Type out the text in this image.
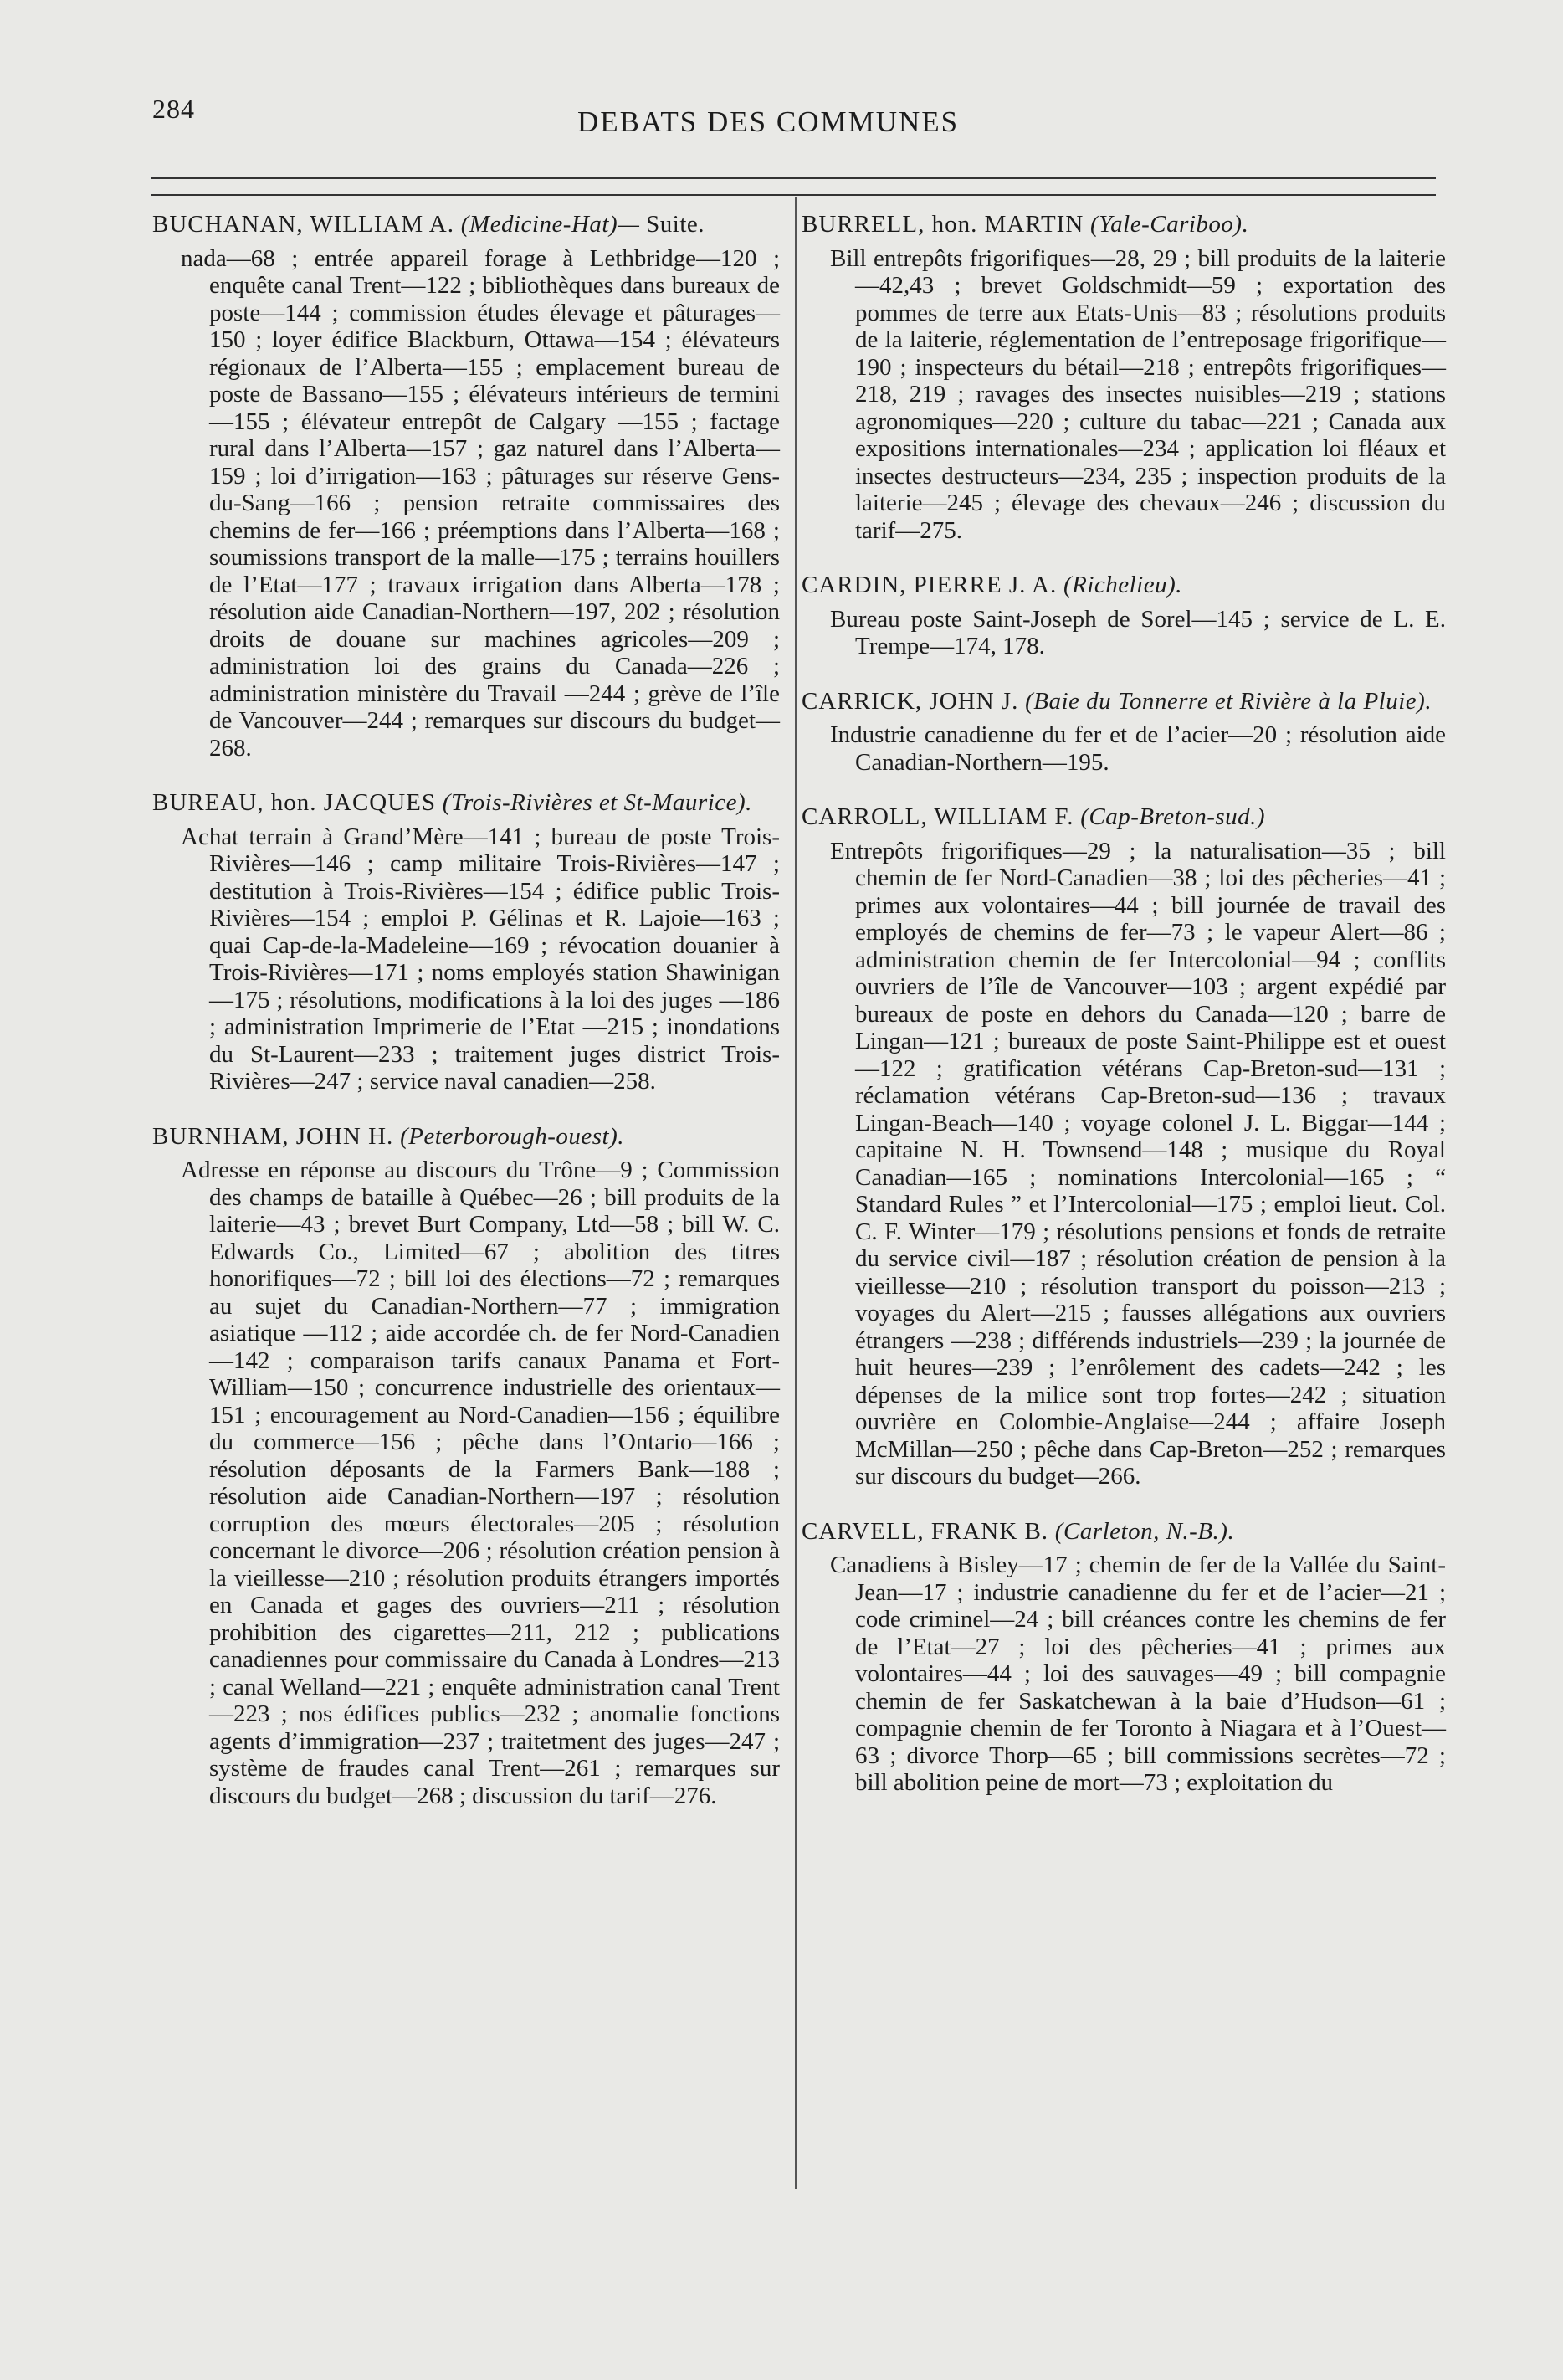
284	DEBATS DES COMMUNES

BUCHANAN, WILLIAM A. (Medicine-Hat)— Suite.

nada—68 ; entrée appareil forage à Lethbridge—120 ; enquête canal Trent—122 ; bibliothèques dans bureaux de poste—144 ; commission études élevage et pâturages—150 ; loyer édifice Blackburn, Ottawa—154 ; élévateurs régionaux de l’Alberta—155 ; emplacement bureau de poste de Bassano—155 ; élévateurs intérieurs de termini—155 ; élévateur entrepôt de Calgary —155 ; factage rural dans l’Alberta—157 ; gaz naturel dans l’Alberta—159 ; loi d’irrigation—163 ; pâturages sur réserve Gens-du-Sang—166 ; pension retraite commissaires des chemins de fer—166 ; préemptions dans l’Alberta—168 ; soumissions transport de la malle—175 ; terrains houillers de l’Etat—177 ; travaux irrigation dans Alberta—178 ; résolution aide Canadian-Northern—197, 202 ; résolution droits de douane sur machines agricoles—209 ; administration loi des grains du Canada—226 ; administration ministère du Travail —244 ; grève de l’île de Vancouver—244 ; remarques sur discours du budget—268.

BUREAU, hon. JACQUES (Trois-Rivières et St-Maurice).

Achat terrain à Grand’Mère—141 ; bureau de poste Trois-Rivières—146 ; camp militaire Trois-Rivières—147 ; destitution à Trois-Rivières—154 ; édifice public Trois-Rivières—154 ; emploi P. Gélinas et R. Lajoie—163 ; quai Cap-de-la-Madeleine—169 ; révocation douanier à Trois-Rivières—171 ; noms employés station Shawinigan—175 ; résolutions, modifications à la loi des juges —186 ; administration Imprimerie de l’Etat —215 ; inondations du St-Laurent—233 ; traitement juges district Trois-Rivières—247 ; service naval canadien—258.

BURNHAM, JOHN H. (Peterborough-ouest).

Adresse en réponse au discours du Trône—9 ; Commission des champs de bataille à Québec—26 ; bill produits de la laiterie—43 ; brevet Burt Company, Ltd—58 ; bill W. C. Edwards Co., Limited—67 ; abolition des titres honorifiques—72 ; bill loi des élections—72 ; remarques au sujet du Canadian-Northern—77 ; immigration asiatique —112 ; aide accordée ch. de fer Nord-Canadien—142 ; comparaison tarifs canaux Panama et Fort-William—150 ; concurrence industrielle des orientaux—151 ; encouragement au Nord-Canadien—156 ; équilibre du commerce—156 ; pêche dans l’Ontario—166 ; résolution déposants de la Farmers Bank—188 ; résolution aide Canadian-Northern—197 ; résolution corruption des mœurs électorales—205 ; résolution concernant le divorce—206 ; résolution création pension à la vieillesse—210 ; résolution produits étrangers importés en Canada et gages des ouvriers—211 ; résolution prohibition des cigarettes—211, 212 ; publications canadiennes pour commissaire du Canada à Londres—213 ; canal Welland—221 ; enquête administration canal Trent—223 ; nos édifices publics—232 ; anomalie fonctions agents d’immigration—237 ; traitetment des juges—247 ; système de fraudes canal Trent—261 ; remarques sur discours du budget—268 ; discussion du tarif—276.

BURRELL, hon. MARTIN (Yale-Cariboo).

Bill entrepôts frigorifiques—28, 29 ; bill produits de la laiterie—42,43 ; brevet Goldschmidt—59 ; exportation des pommes de terre aux Etats-Unis—83 ; résolutions produits de la laiterie, réglementation de l’entreposage frigorifique—190 ; inspecteurs du bétail—218 ; entrepôts frigorifiques—218, 219 ; ravages des insectes nuisibles—219 ; stations agronomiques—220 ; culture du tabac—221 ; Canada aux expositions internationales—234 ; application loi fléaux et insectes destructeurs—234, 235 ; inspection produits de la laiterie—245 ; élevage des chevaux—246 ; discussion du tarif—275.

CARDIN, PIERRE J. A. (Richelieu).

Bureau poste Saint-Joseph de Sorel—145 ; service de L. E. Trempe—174, 178.

CARRICK, JOHN J. (Baie du Tonnerre et Rivière à la Pluie).

Industrie canadienne du fer et de l’acier—20 ; résolution aide Canadian-Northern—195.

CARROLL, WILLIAM F. (Cap-Breton-sud.)

Entrepôts frigorifiques—29 ; la naturalisation—35 ; bill chemin de fer Nord-Canadien—38 ; loi des pêcheries—41 ; primes aux volontaires—44 ; bill journée de travail des employés de chemins de fer—73 ; le vapeur Alert—86 ; administration chemin de fer Intercolonial—94 ; conflits ouvriers de l’île de Vancouver—103 ; argent expédié par bureaux de poste en dehors du Canada—120 ; barre de Lingan—121 ; bureaux de poste Saint-Philippe est et ouest—122 ; gratification vétérans Cap-Breton-sud—131 ; réclamation vétérans Cap-Breton-sud—136 ; travaux Lingan-Beach—140 ; voyage colonel J. L. Biggar—144 ; capitaine N. H. Townsend—148 ; musique du Royal Canadian—165 ; nominations Intercolonial—165 ; “ Standard Rules ” et l’Intercolonial—175 ; emploi lieut. Col. C. F. Winter—179 ; résolutions pensions et fonds de retraite du service civil—187 ; résolution création de pension à la vieillesse—210 ; résolution transport du poisson—213 ; voyages du Alert—215 ; fausses allégations aux ouvriers étrangers —238 ; différends industriels—239 ; la journée de huit heures—239 ; l’enrôlement des cadets—242 ; les dépenses de la milice sont trop fortes—242 ; situation ouvrière en Colombie-Anglaise—244 ; affaire Joseph McMillan—250 ; pêche dans Cap-Breton—252 ; remarques sur discours du budget—266.

CARVELL, FRANK B. (Carleton, N.-B.).

Canadiens à Bisley—17 ; chemin de fer de la Vallée du Saint-Jean—17 ; industrie canadienne du fer et de l’acier—21 ; code criminel—24 ; bill créances contre les chemins de fer de l’Etat—27 ; loi des pêcheries—41 ; primes aux volontaires—44 ; loi des sauvages—49 ; bill compagnie chemin de fer Saskatchewan à la baie d’Hudson—61 ; compagnie chemin de fer Toronto à Niagara et à l’Ouest—63 ; divorce Thorp—65 ; bill commissions secrètes—72 ; bill abolition peine de mort—73 ; exploitation du
